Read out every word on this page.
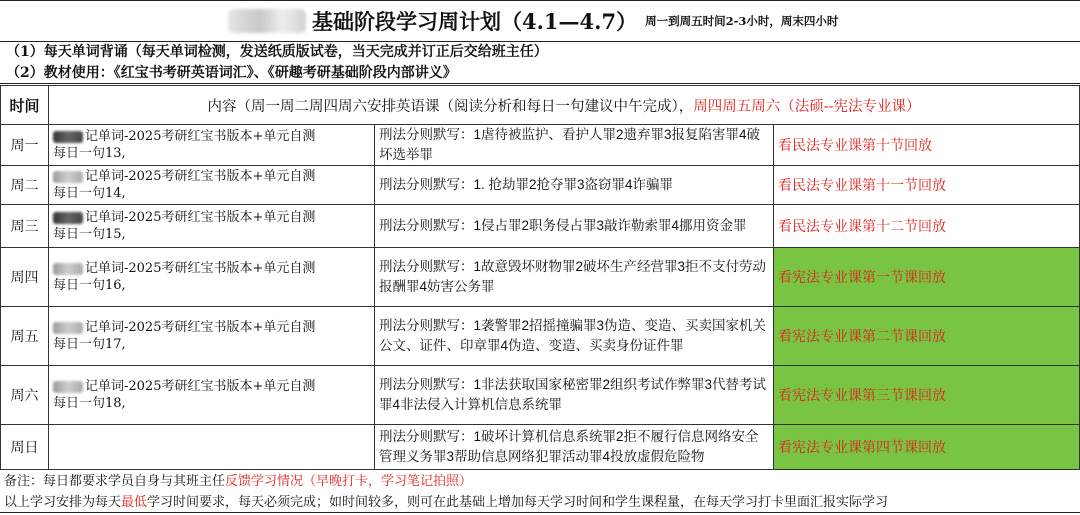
基础阶段学习周计划（4.1—4.7） 周一到周五时间2-3小时，周末四小时
（1）每天单词背诵（每天单词检测，发送纸质版试卷，当天完成并订正后交给班主任）
（2）教材使用：《红宝书考研英语词汇》、《研趣考研基础阶段内部讲义》
时间	内容（周一周二周四周六安排英语课（阅读分析和每日一句建议中午完成），周四周五周六（法硕--宪法专业课）		
周一	记单词-2025考研红宝书版本+单元自测
每日一句13,	刑法分则默写：1虐待被监护、看护人罪2遗弃罪3报复陷害罪4破坏选举罪	看民法专业课第十节回放
周二	记单词-2025考研红宝书版本+单元自测
每日一句14,	刑法分则默写：1. 抢劫罪2抢夺罪3盗窃罪4诈骗罪	看民法专业课第十一节回放
周三	记单词-2025考研红宝书版本+单元自测
每日一句15,	刑法分则默写：1侵占罪2职务侵占罪3敲诈勒索罪4挪用资金罪	看民法专业课第十二节回放
周四	记单词-2025考研红宝书版本+单元自测
每日一句16,	刑法分则默写：1故意毁坏财物罪2破坏生产经营罪3拒不支付劳动报酬罪4妨害公务罪	看宪法专业课第一节课回放
周五	记单词-2025考研红宝书版本+单元自测
每日一句17,	刑法分则默写：1袭警罪2招摇撞骗罪3伪造、变造、买卖国家机关公文、证件、印章罪4伪造、变造、买卖身份证件罪	看宪法专业课第二节课回放
周六	记单词-2025考研红宝书版本+单元自测
每日一句18,	刑法分则默写：1非法获取国家秘密罪2组织考试作弊罪3代替考试罪4非法侵入计算机信息系统罪	看宪法专业课第三节课回放
周日		刑法分则默写：1破坏计算机信息系统罪2拒不履行信息网络安全管理义务罪3帮助信息网络犯罪活动罪4投放虚假危险物	看宪法专业课第四节课回放
备注：每日都要求学员自身与其班主任反馈学习情况（早晚打卡，学习笔记拍照）
以上学习安排为每天最低学习时间要求，每天必须完成；如时间较多，则可在此基础上增加每天学习时间和学生课程量，在每天学习打卡里面汇报实际学习
